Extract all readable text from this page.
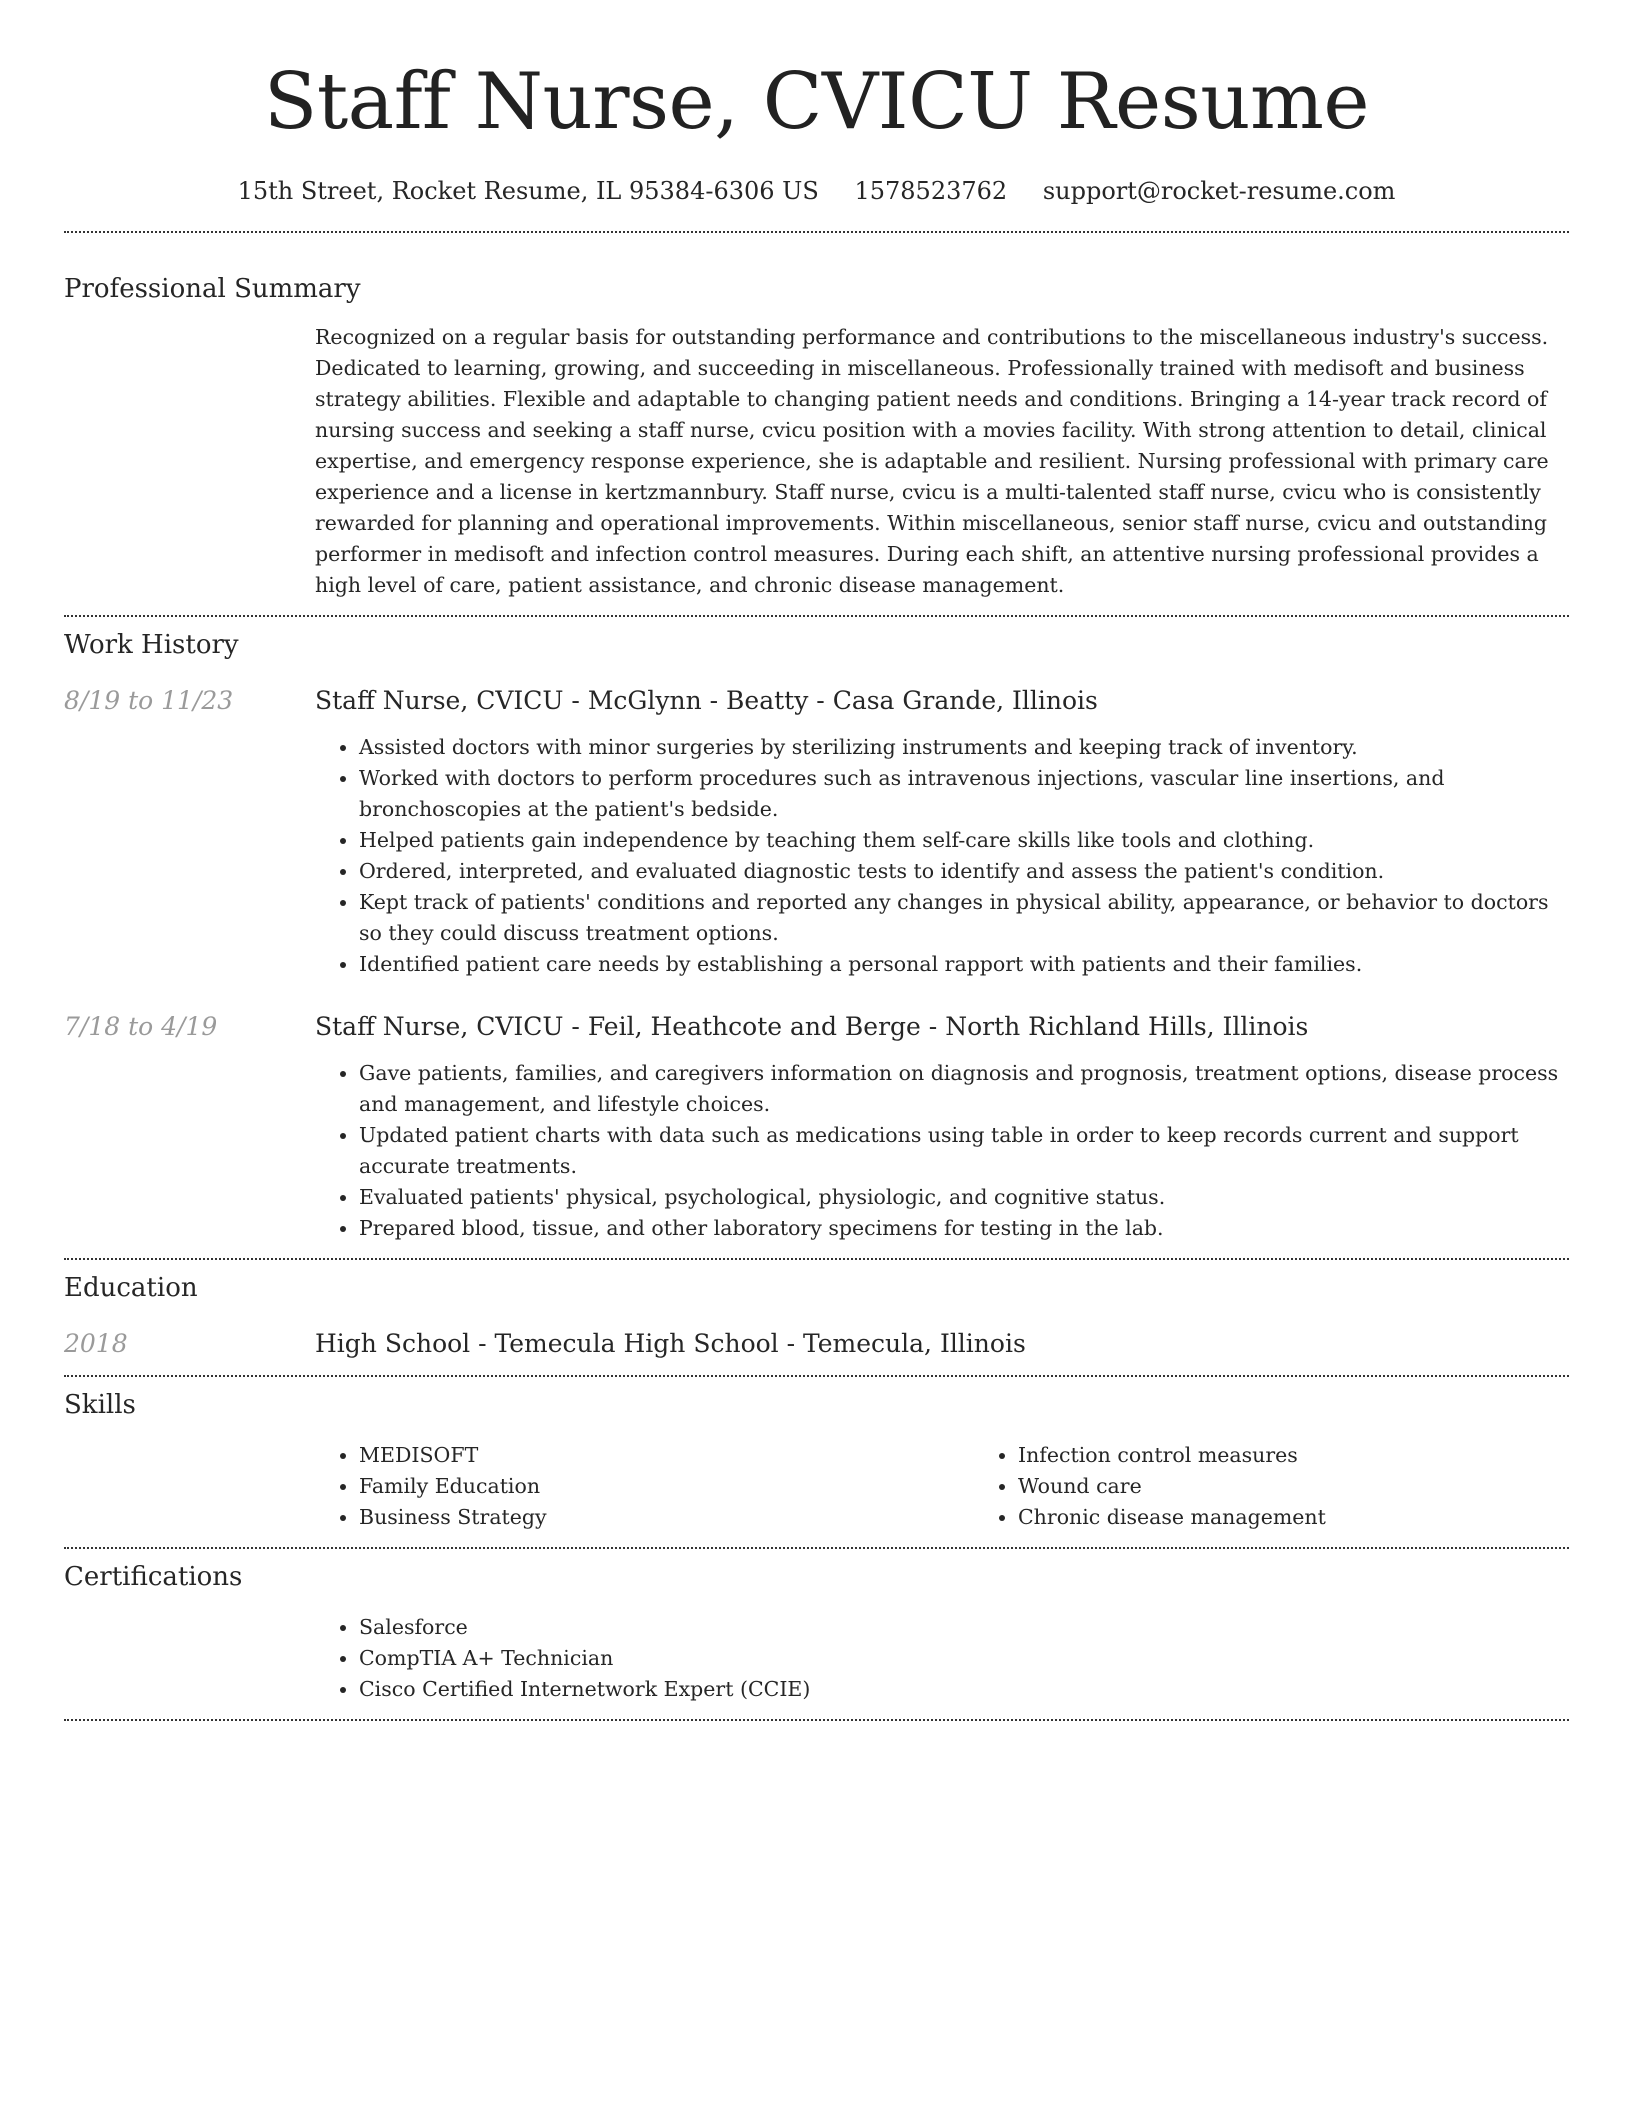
Staff Nurse, CVICU Resume
15th Street, Rocket Resume, IL 95384-6306 US 1578523762 support@rocket-resume.com
Professional Summary
Recognized on a regular basis for outstanding performance and contributions to the miscellaneous industry's success. Dedicated to learning, growing, and succeeding in miscellaneous. Professionally trained with medisoft and business strategy abilities. Flexible and adaptable to changing patient needs and conditions. Bringing a 14-year track record of nursing success and seeking a staff nurse, cvicu position with a movies facility. With strong attention to detail, clinical expertise, and emergency response experience, she is adaptable and resilient. Nursing professional with primary care experience and a license in kertzmannbury. Staff nurse, cvicu is a multi-talented staff nurse, cvicu who is consistently rewarded for planning and operational improvements. Within miscellaneous, senior staff nurse, cvicu and outstanding performer in medisoft and infection control measures. During each shift, an attentive nursing professional provides a high level of care, patient assistance, and chronic disease management.
Work History
8/19 to 11/23	Staff Nurse, CVICU - McGlynn - Beatty - Casa Grande, Illinois
• Assisted doctors with minor surgeries by sterilizing instruments and keeping track of inventory.
• Worked with doctors to perform procedures such as intravenous injections, vascular line insertions, and bronchoscopies at the patient's bedside.
• Helped patients gain independence by teaching them self-care skills like tools and clothing.
• Ordered, interpreted, and evaluated diagnostic tests to identify and assess the patient's condition.
• Kept track of patients' conditions and reported any changes in physical ability, appearance, or behavior to doctors so they could discuss treatment options.
• Identified patient care needs by establishing a personal rapport with patients and their families.
7/18 to 4/19	Staff Nurse, CVICU - Feil, Heathcote and Berge - North Richland Hills, Illinois
• Gave patients, families, and caregivers information on diagnosis and prognosis, treatment options, disease process and management, and lifestyle choices.
• Updated patient charts with data such as medications using table in order to keep records current and support accurate treatments.
• Evaluated patients' physical, psychological, physiologic, and cognitive status.
• Prepared blood, tissue, and other laboratory specimens for testing in the lab.
Education
2018	High School - Temecula High School - Temecula, Illinois
Skills
• MEDISOFT
• Family Education
• Business Strategy
• Infection control measures
• Wound care
• Chronic disease management
Certifications
• Salesforce
• CompTIA A+ Technician
• Cisco Certified Internetwork Expert (CCIE)
